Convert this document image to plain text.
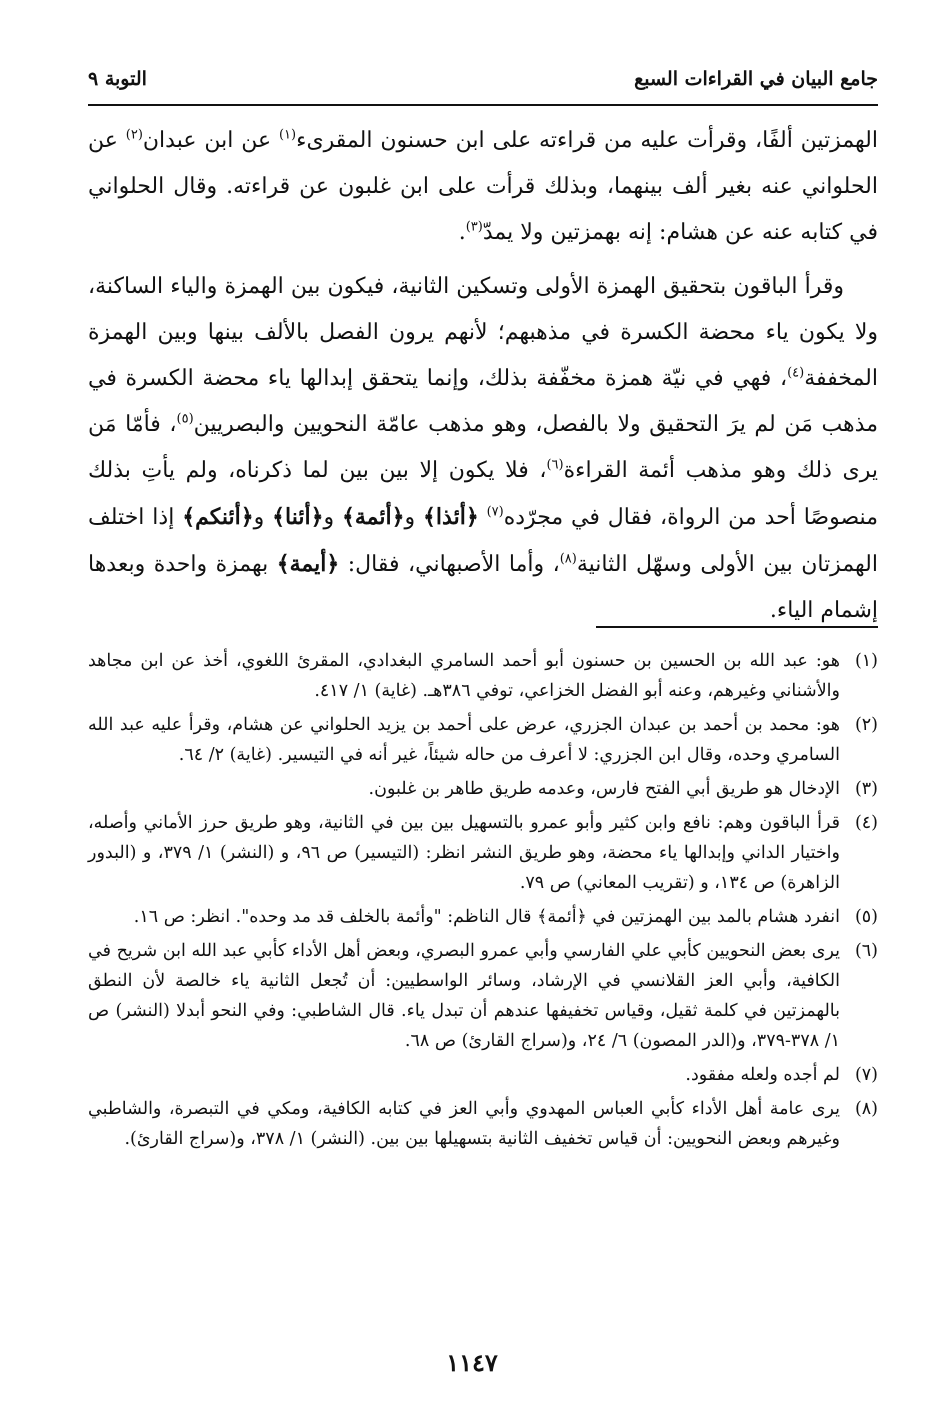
جامع البيان في القراءات السبع
التوبة ٩

الهمزتين ألفًا، وقرأت عليه من قراءته على ابن حسنون المقرىء$^{(١)}$ عن ابن عبدان$^{(٢)}$ عن الحلواني عنه بغير ألف بينهما، وبذلك قرأت على ابن غلبون عن قراءته. وقال الحلواني في كتابه عنه عن هشام: إنه بهمزتين ولا يمدّ$^{(٣)}$.

وقرأ الباقون بتحقيق الهمزة الأولى وتسكين الثانية، فيكون بين الهمزة والياء الساكنة، ولا يكون ياء محضة الكسرة في مذهبهم؛ لأنهم يرون الفصل بالألف بينها وبين الهمزة المخففة$^{(٤)}$، فهي في نيّة همزة مخفّفة بذلك، وإنما يتحقق إبدالها ياء محضة الكسرة في مذهب مَن لم يرَ التحقيق ولا بالفصل، وهو مذهب عامّة النحويين والبصريين$^{(٥)}$، فأمّا مَن يرى ذلك وهو مذهب أئمة القراءة$^{(٦)}$، فلا يكون إلا بين بين لما ذكرناه، ولم يأتِ بذلك منصوصًا أحد من الرواة، فقال في مجرّده$^{(٧)}$ ﴿أئذا﴾ و﴿أئمة﴾ و﴿أئنا﴾ و﴿أئنكم﴾ إذا اختلف الهمزتان بين الأولى وسهّل الثانية$^{(٨)}$، وأما الأصبهاني، فقال: ﴿أيمة﴾ بهمزة واحدة وبعدها إشمام الياء.

(١)
هو: عبد الله بن الحسين بن حسنون أبو أحمد السامري البغدادي، المقرئ اللغوي، أخذ عن ابن مجاهد والأشناني وغيرهم، وعنه أبو الفضل الخزاعي، توفي ٣٨٦هـ. (غاية) ١/ ٤١٧.
(٢)
هو: محمد بن أحمد بن عبدان الجزري، عرض على أحمد بن يزيد الحلواني عن هشام، وقرأ عليه عبد الله السامري وحده، وقال ابن الجزري: لا أعرف من حاله شيئاً، غير أنه في التيسير. (غاية) ٢/ ٦٤.
(٣)
الإدخال هو طريق أبي الفتح فارس، وعدمه طريق طاهر بن غلبون.
(٤)
قرأ الباقون وهم: نافع وابن كثير وأبو عمرو بالتسهيل بين بين في الثانية، وهو طريق حرز الأماني وأصله، واختيار الداني وإبدالها ياء محضة، وهو طريق النشر انظر: (التيسير) ص ٩٦، و (النشر) ١/ ٣٧٩، و (البدور الزاهرة) ص ١٣٤، و (تقريب المعاني) ص ٧٩.
(٥)
انفرد هشام بالمد بين الهمزتين في ﴿أئمة﴾ قال الناظم: "وأئمة بالخلف قد مد وحده". انظر: ص ١٦.
(٦)
يرى بعض النحويين كأبي علي الفارسي وأبي عمرو البصري، وبعض أهل الأداء كأبي عبد الله ابن شريح في الكافية، وأبي العز القلانسي في الإرشاد، وسائر الواسطيين: أن تُجعل الثانية ياء خالصة لأن النطق بالهمزتين في كلمة ثقيل، وقياس تخفيفها عندهم أن تبدل ياء. قال الشاطبي: وفي النحو أبدلا (النشر) ص ١/ ٣٧٨-٣٧٩، و(الدر المصون) ٦/ ٢٤، و(سراج القارئ) ص ٦٨.
(٧)
لم أجده ولعله مفقود.
(٨)
يرى عامة أهل الأداء كأبي العباس المهدوي وأبي العز في كتابه الكافية، ومكي في التبصرة، والشاطبي وغيرهم وبعض النحويين: أن قياس تخفيف الثانية بتسهيلها بين بين. (النشر) ١/ ٣٧٨، و(سراج القارئ).
١١٤٧
